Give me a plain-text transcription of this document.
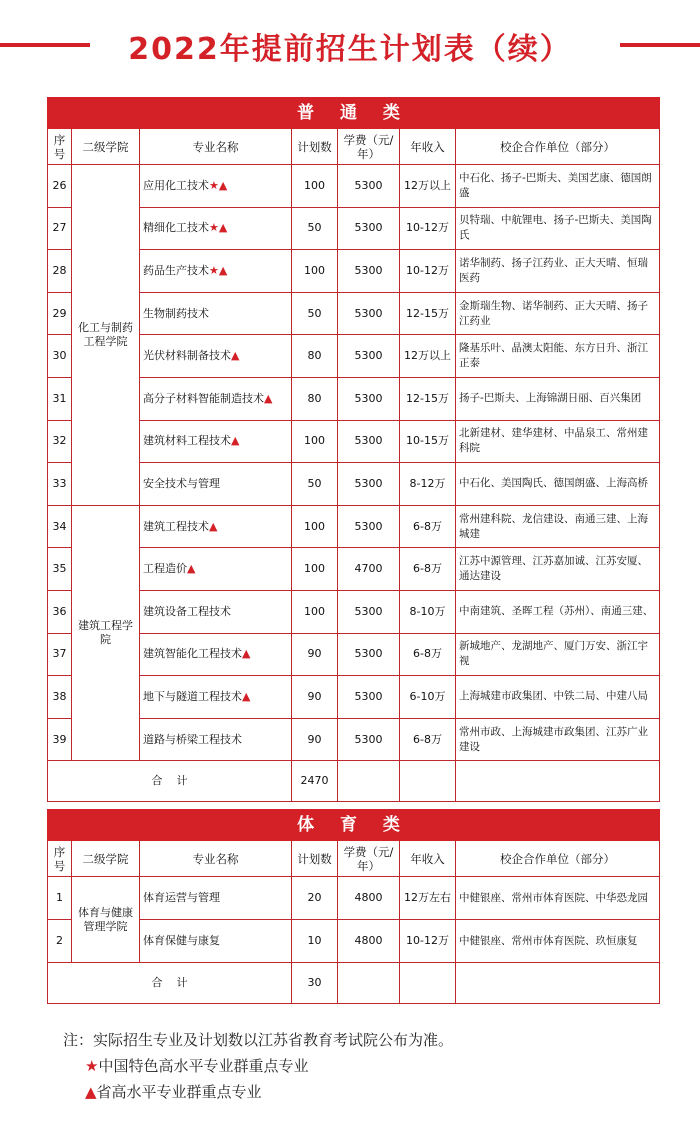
2022年提前招生计划表（续）
普 通 类						
序号	二级学院	专业名称	计划数	学费（元/年）	年收入	校企合作单位（部分）
26	化工与制药工程学院	应用化工技术★▲	100	5300	12万以上	中石化、扬子-巴斯夫、美国艺康、德国朗盛
27		精细化工技术★▲	50	5300	10-12万	贝特瑞、中航锂电、扬子-巴斯夫、美国陶氏
28		药品生产技术★▲	100	5300	10-12万	诺华制药、扬子江药业、正大天晴、恒瑞医药
29		生物制药技术	50	5300	12-15万	金斯瑞生物、诺华制药、正大天晴、扬子江药业
30		光伏材料制备技术▲	80	5300	12万以上	隆基乐叶、晶澳太阳能、东方日升、浙江正泰
31		高分子材料智能制造技术▲	80	5300	12-15万	扬子-巴斯夫、上海锦湖日丽、百兴集团
32		建筑材料工程技术▲	100	5300	10-15万	北新建材、建华建材、中晶泉工、常州建科院
33		安全技术与管理	50	5300	8-12万	中石化、美国陶氏、德国朗盛、上海高桥
34	建筑工程学院	建筑工程技术▲	100	5300	6-8万	常州建科院、龙信建设、南通三建、上海城建
35		工程造价▲	100	4700	6-8万	江苏中源管理、江苏嘉加诚、江苏安厦、通达建设
36		建筑设备工程技术	100	5300	8-10万	中南建筑、圣晖工程（苏州）、南通三建、
37		建筑智能化工程技术▲	90	5300	6-8万	新城地产、龙湖地产、厦门万安、浙江宇视
38		地下与隧道工程技术▲	90	5300	6-10万	上海城建市政集团、中铁二局、中建八局
39		道路与桥梁工程技术	90	5300	6-8万	常州市政、上海城建市政集团、江苏广业建设
合    计			2470			
体 育 类						
序号	二级学院	专业名称	计划数	学费（元/年）	年收入	校企合作单位（部分）
1	体育与健康管理学院	体育运营与管理	20	4800	12万左右	中健银座、常州市体育医院、中华恐龙园
2		体育保健与康复	10	4800	10-12万	中健银座、常州市体育医院、玖恒康复
合    计			30			
注：实际招生专业及计划数以江苏省教育考试院公布为准。
★中国特色高水平专业群重点专业
▲省高水平专业群重点专业
